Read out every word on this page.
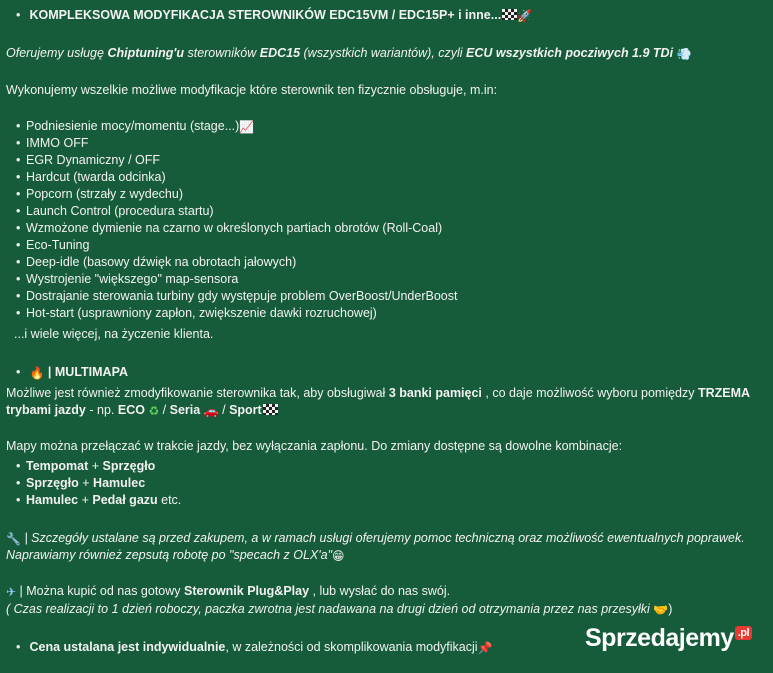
• KOMPLEKSOWA MODYFIKACJA STEROWNIKÓW EDC15VM / EDC15P+ i inne... 🚀
Oferujemy usługę Chiptuning'u sterowników EDC15 (wszystkich wariantów), czyli ECU wszystkich pocziwych 1.9 TDi 💨
Wykonujemy wszelkie możliwe modyfikacje które sterownik ten fizycznie obsługuje, m.in:
• Podniesienie mocy/momentu (stage...)📈
• IMMO OFF
• EGR Dynamiczny / OFF
• Hardcut (twarda odcinka)
• Popcorn (strzały z wydechu)
• Launch Control (procedura startu)
• Wzmożone dymienie na czarno w określonych partiach obrotów (Roll-Coal)
• Eco-Tuning
• Deep-idle (basowy dźwięk na obrotach jałowych)
• Wystrojenie "większego" map-sensora
• Dostrajanie sterowania turbiny gdy występuje problem OverBoost/UnderBoost
• Hot-start (usprawniony zapłon, zwiększenie dawki rozruchowej)
...i wiele więcej, na życzenie klienta.
• 🔥 | MULTIMAPA
Możliwe jest również zmodyfikowanie sterownika tak, aby obsługiwał 3 banki pamięci , co daje możliwość wyboru pomiędzy TRZEMA
trybami jazdy - np. ECO ♻ / Seria 🚗 / Sport
Mapy można przełączać w trakcie jazdy, bez wyłączania zapłonu. Do zmiany dostępne są dowolne kombinacje:
• Tempomat + Sprzęgło
• Sprzęgło + Hamulec
• Hamulec + Pedał gazu etc.
🔧 | Szczegóły ustalane są przed zakupem, a w ramach usługi oferujemy pomoc techniczną oraz możliwość ewentualnych poprawek.
Naprawiamy również zepsutą robotę po "specach z OLX'a"😁
✈ | Można kupić od nas gotowy Sterownik Plug&Play , lub wysłać do nas swój.
( Czas realizacji to 1 dzień roboczy, paczka zwrotna jest nadawana na drugi dzień od otrzymania przez nas przesyłki 🤝)
• Cena ustalana jest indywidualnie, w zależności od skomplikowania modyfikacji📌	Sprzedajemy .pl
